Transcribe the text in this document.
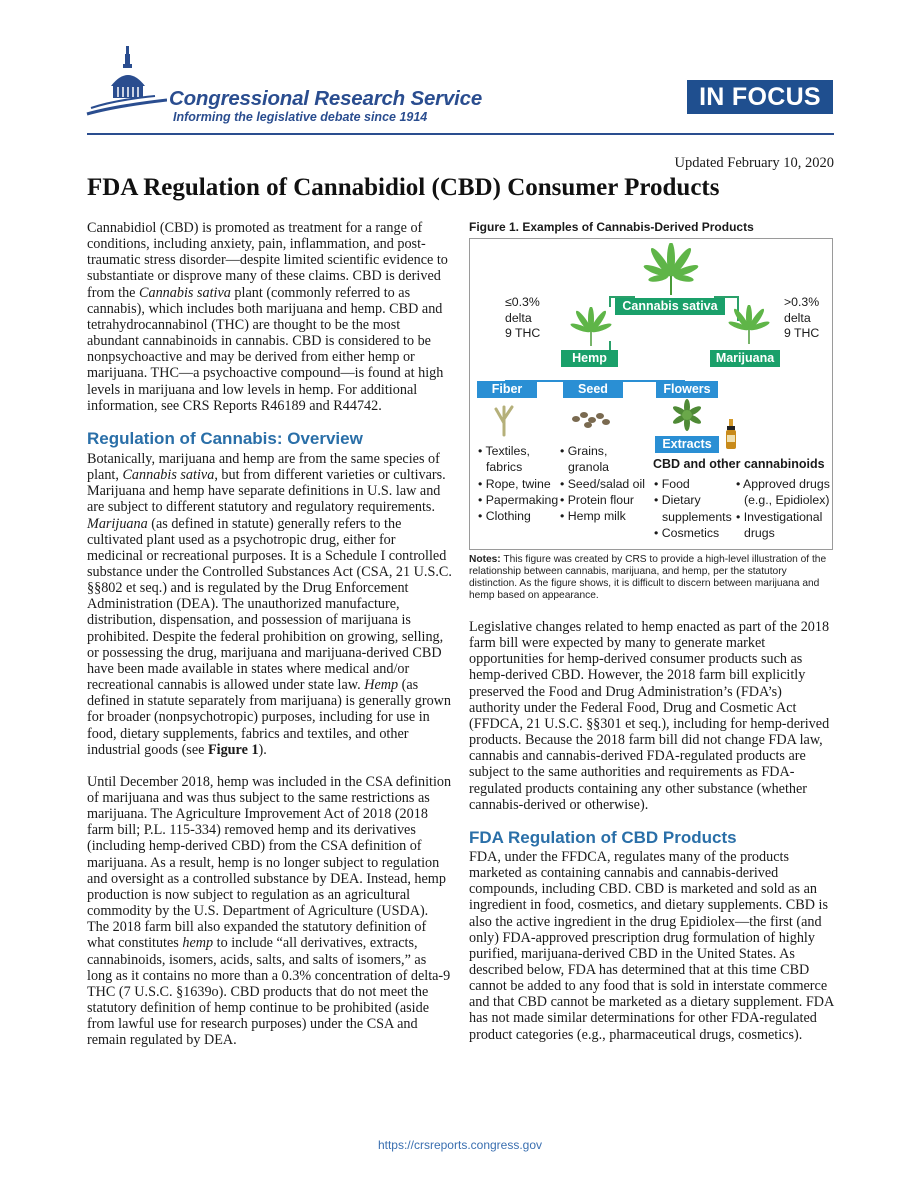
Congressional Research Service
Informing the legislative debate since 1914
IN FOCUS
Updated February 10, 2020
FDA Regulation of Cannabidiol (CBD) Consumer Products

Cannabidiol (CBD) is promoted as treatment for a range of conditions, including anxiety, pain, inflammation, and post-traumatic stress disorder—despite limited scientific evidence to substantiate or disprove many of these claims. CBD is derived from the Cannabis sativa plant (commonly referred to as cannabis), which includes both marijuana and hemp. CBD and tetrahydrocannabinol (THC) are thought to be the most abundant cannabinoids in cannabis. CBD is considered to be nonpsychoactive and may be derived from either hemp or marijuana. THC—a psychoactive compound—is found at high levels in marijuana and low levels in hemp. For additional information, see CRS Reports R46189 and R44742.

Regulation of Cannabis: Overview

Botanically, marijuana and hemp are from the same species of plant, Cannabis sativa, but from different varieties or cultivars. Marijuana and hemp have separate definitions in U.S. law and are subject to different statutory and regulatory requirements. Marijuana (as defined in statute) generally refers to the cultivated plant used as a psychotropic drug, either for medicinal or recreational purposes. It is a Schedule I controlled substance under the Controlled Substances Act (CSA, 21 U.S.C. §§802 et seq.) and is regulated by the Drug Enforcement Administration (DEA). The unauthorized manufacture, distribution, dispensation, and possession of marijuana is prohibited. Despite the federal prohibition on growing, selling, or possessing the drug, marijuana and marijuana-derived CBD have been made available in states where medical and/or recreational cannabis is allowed under state law. Hemp (as defined in statute separately from marijuana) is generally grown for broader (nonpsychotropic) purposes, including for use in food, dietary supplements, fabrics and textiles, and other industrial goods (see Figure 1).

Until December 2018, hemp was included in the CSA definition of marijuana and was thus subject to the same restrictions as marijuana. The Agriculture Improvement Act of 2018 (2018 farm bill; P.L. 115-334) removed hemp and its derivatives (including hemp-derived CBD) from the CSA definition of marijuana. As a result, hemp is no longer subject to regulation and oversight as a controlled substance by DEA. Instead, hemp production is now subject to regulation as an agricultural commodity by the U.S. Department of Agriculture (USDA). The 2018 farm bill also expanded the statutory definition of what constitutes hemp to include “all derivatives, extracts, cannabinoids, isomers, acids, salts, and salts of isomers,” as long as it contains no more than a 0.3% concentration of delta-9 THC (7 U.S.C. §1639o). CBD products that do not meet the statutory definition of hemp continue to be prohibited (aside from lawful use for research purposes) under the CSA and remain regulated by DEA.

Figure 1. Examples of Cannabis-Derived Products
Cannabis sativa
≤0.3%
delta
9 THC
>0.3%
delta
9 THC
Hemp	Marijuana
Fiber	Seed	Flowers
Extracts
CBD and other cannabinoids
• Textiles,
fabrics
• Rope, twine
• Papermaking
• Clothing
• Grains,
granola
• Seed/salad oil
• Protein flour
• Hemp milk
• Food
• Dietary
supplements
• Cosmetics
• Approved drugs
(e.g., Epidiolex)
• Investigational
drugs
Notes: This figure was created by CRS to provide a high-level illustration of the relationship between cannabis, marijuana, and hemp, per the statutory distinction. As the figure shows, it is difficult to discern between marijuana and hemp based on appearance.

Legislative changes related to hemp enacted as part of the 2018 farm bill were expected by many to generate market opportunities for hemp-derived consumer products such as hemp-derived CBD. However, the 2018 farm bill explicitly preserved the Food and Drug Administration’s (FDA’s) authority under the Federal Food, Drug and Cosmetic Act (FFDCA, 21 U.S.C. §§301 et seq.), including for hemp-derived products. Because the 2018 farm bill did not change FDA law, cannabis and cannabis-derived FDA-regulated products are subject to the same authorities and requirements as FDA-regulated products containing any other substance (whether cannabis-derived or otherwise).

FDA Regulation of CBD Products

FDA, under the FFDCA, regulates many of the products marketed as containing cannabis and cannabis-derived compounds, including CBD. CBD is marketed and sold as an ingredient in food, cosmetics, and dietary supplements. CBD is also the active ingredient in the drug Epidiolex—the first (and only) FDA-approved prescription drug formulation of highly purified, marijuana-derived CBD in the United States. As described below, FDA has determined that at this time CBD cannot be added to any food that is sold in interstate commerce and that CBD cannot be marketed as a dietary supplement. FDA has not made similar determinations for other FDA-regulated product categories (e.g., pharmaceutical drugs, cosmetics).

https://crsreports.congress.gov
